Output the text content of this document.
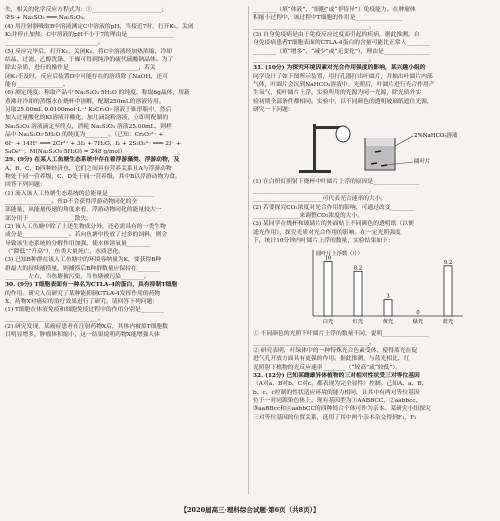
失，相关的化学反应方程式为：①________________________；

②S + Na₂SO₃ ═══ Na₂S₂O₃。

(4) 用注射器吸取B中溶液测定C中溶液的pH，当接近7时，打开K₁，关闭

K₂并停止加热；C中溶液的pH不小于7的理由是________________

________________________________。

(5) 反应完毕后，打开K₁，关闭K₂，将C中溶液经加热浓缩、冷却

结晶、过滤、乙醇洗涤、干燥可得到纯净的硫代硫酸钠晶体。为了

除去杂质，进行的操作是________________________，若关

闭K₁不及时，反应后装置D中可能存在的溶质除了NaOH，还可

能有________________。

(6) 测定纯度：称取产品中 Na₂S₂O₃·5H₂O 的纯度，称取6g晶体，用新

煮沸并冷却的蒸馏水在烧杯中溶解，配制250mL的溶液待用。

另取25.00mL 0.0100mol·L⁻¹ K₂Cr₂O₇ 溶液于锥形瓶中，然后

加入过量酸化的KI溶液并酸化，加几滴淀粉溶液，立即用配制的

Na₂S₂O₃ 溶液滴定至终点，消耗 Na₂S₂O₃ 溶液25.00mL，则样

品中 Na₂S₂O₃·5H₂O 的纯度为________。（已知：Cr₂O₇²⁻ +

6I⁻ + 14H⁺ ═══ 2Cr³⁺ + 3I₂ + 7H₂O，I₂ + 2S₂O₃²⁻ ═══ 2I⁻ +

S₄O₆²⁻；M(Na₂S₂O₃·5H₂O) = 248 g/mol）

29. (9分) 在某人工鱼塘生态系统中存在着浮游藻类、浮游动物，及

A、B、C、D四种经济鱼，它们之间具有营养关系且A与浮游动物

物处于同一营养级，C、D处于同一营养级，其中B以浮游动物为食。

回答下列问题：

(1) 流入该人工鱼塘生态系统的总能量是________________

________________。鱼D不会获得浮游动物同化的全

部能量，从能量传递的角度来看，浮游动物同化的能量较大一

部分用于________________散失。

(2) 该人工鱼塘中除了上述生物成分外，还必需具有的一类生物

成分是________________。若向鱼塘中投放了过多的饲料，则会

导致该生态系统的分解作用加强，使水体溶氧量________

（“降低”“升高”），鱼类大量死亡，水质恶化。

(3) 已知B种群在该人工鱼塘中的环境容纳量为K，要获得B种

群最大的持续捕捞量，则捕捞后B种群数量应保持在________

________左右，当鱼塘被污染，当鱼塘被污染________。

30. (9分) T细胞表面有一种名为CTLA-4的蛋白，具有抑制T细胞

的作用。研究人员研究了某种能抑制CTLA-4发挥作用的药物

X，药物X对癌症的治疗效果进行了研究。请回答下列问题：

(1) T细胞在体液免疫和细胞免疫过程中的作用分别是________

________________________________。

(2) 研究发现，某癌症患者在注射药物X后，其体内被拟T细胞数

目明显增多，肿瘤体积缩小，这一结果说明药物X能增强人体

________（填“体液”、“细胞”或“非特异”）免疫能力。在肿瘤体

积缩小过程中，该过程中T细胞的作用是________________

________________________________________。

(3) 自身免疫病是由于免疫反应过度而引起的疾病，据此推测，自

身免疫病患者T细胞表面的CTLA-4蛋白的含量可能比正常人________

________（填“增多”、“减少”或“无变化”），理由是________________

________________________________________。

31. (10分) 为探究环境因素对光合作用强度的影响，某兴趣小组的

同学设计了如下图所示装置，用打孔器打出叶圆片，并抽出叶圆片内部

气体，叶圆片会沉到NaHCO₃溶液中。光照后，叶圆片进行光合作用产

生氧气，使叶圆片上浮。实验所用的光源为同一光源，除光质外实

验初期全部条件都相同。实验中，以不同颜色的透明玻璃纸遮住光源，

研究一下问题：

2%NaHCO₃溶液
圆叶片

(1) 在白炽灯照射下烧杯中叶圆片上浮的原因是________________

________________________________________，

________________________可代表光合速率的大小。

(2) 若要探究CO₂浓度对光合作用的影响，可通过改变________

________________来调整CO₂浓度的大小。

(3) 某同学在烧杯和玻璃片的外面贴上不同颜色的透明纸（以便

滤光作用），探究光质对光合作用的影响。在一定光照强度

下，统计10分钟内叶圆片上浮的数量，实验结果如下：

圆叶片上浮数（片）
10
白光
8.2
红光
3
黄光
0
绿光
9.2
蓝光

① 不同颜色的光照下叶圆片上浮的数量不同，说明________________

________________________________________。

② 研究表明，叶绿体中的一种特殊光合色素受体，使得蓝光在促

进气孔开放方面具有更强的作用。据此推测，与蓝光相比，红

光照射下植物的光反应速率________（“较高”或“较低”）。

32. (12分) 已知某雌雄异体植物的三对相对性状受三对等位基因

（A对a、B对b、C对c，都表现为完全显性）控制。已知A、a、B、

b、c、c控制的性状适应环境的能力相同，且其中有两对等位基因

位于一对同源染色体上。现有基因型为①AABBCC、②aabbcc、

③aaBBcc和④aabbCC的四种纯合个体可作为亲本。某研究小组探究

三对等位基因的位置关系，选用了其中两个亲本杂交得到F₁，F₁

【2020届高三·理科综合试题·第6页（共8页）】
